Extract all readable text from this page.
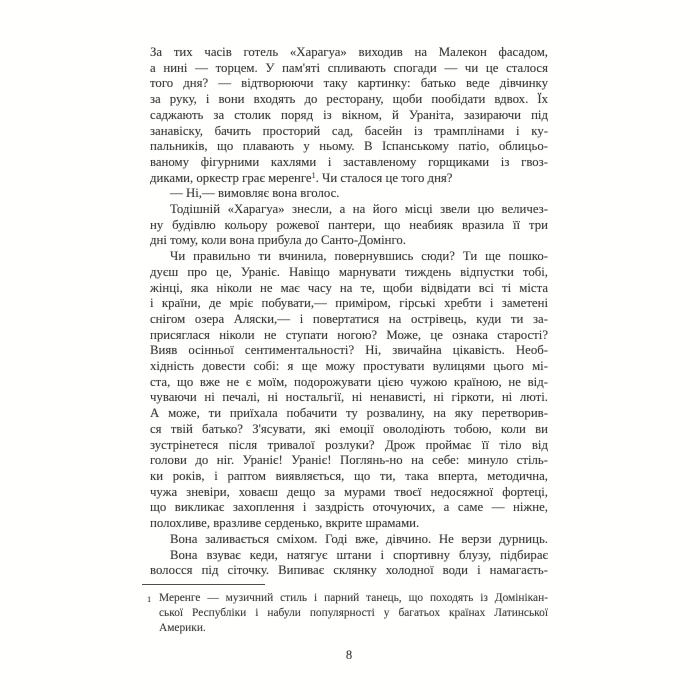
За тих часів готель «Харагуа» виходив на Малекон фасадом,
а нині — торцем. У пам'яті спливають спогади — чи це сталося
того дня? — відтворюючи таку картинку: батько веде дівчинку
за руку, і вони входять до ресторану, щоби пообідати вдвох. Їх
саджають за столик поряд із вікном, й Ураніта, зазираючи під
занавіску, бачить просторий сад, басейн із трамплінами і ку-
пальників, що плавають у ньому. В Іспанському патіо, облицьо-
ваному фігурними кахлями і заставленому горщиками із гвоз-
диками, оркестр грає меренге$^1$. Чи сталося це того дня?
— Ні,— вимовляє вона вголос.
Тодішній «Харагуа» знесли, а на його місці звели цю величез-
ну будівлю кольору рожевої пантери, що неабияк вразила її три
дні тому, коли вона прибула до Санто-Домінго.
Чи правильно ти вчинила, повернувшись сюди? Ти ще пошко-
дуєш про це, Ураніє. Навіщо марнувати тиждень відпустки тобі,
жінці, яка ніколи не має часу на те, щоби відвідати всі ті міста
і країни, де мріє побувати,— приміром, гірські хребти і заметені
снігом озера Аляски,— і повертатися на острівець, куди ти за-
присяглася ніколи не ступати ногою? Може, це ознака старості?
Вияв осінньої сентиментальності? Ні, звичайна цікавість. Необ-
хідність довести собі: я ще можу простувати вулицями цього мі-
ста, що вже не є моїм, подорожувати цією чужою країною, не від-
чуваючи ні печалі, ні ностальгії, ні ненависті, ні гіркоти, ні люті.
А може, ти приїхала побачити ту розвалину, на яку перетворив-
ся твій батько? З'ясувати, які емоції оволодіють тобою, коли ви
зустрінетеся після тривалої розлуки? Дрож проймає її тіло від
голови до ніг. Ураніє! Ураніє! Поглянь-но на себе: минуло стіль-
ки років, і раптом виявляється, що ти, така вперта, методична,
чужа зневіри, ховаєш дещо за мурами твоєї недосяжної фортеці,
що викликає захоплення і заздрість оточуючих, а саме — ніжне,
полохливе, вразливе серденько, вкрите шрамами.
Вона заливається сміхом. Годі вже, дівчино. Не верзи дурниць.
Вона взуває кеди, натягує штани і спортивну блузу, підбирає
волосся під сіточку. Випиває склянку холодної води і намагаєть-
1 Меренге — музичний стиль і парний танець, що походять із Домінікан-
ської Республіки і набули популярності у багатьох країнах Латинської
Америки.
8
